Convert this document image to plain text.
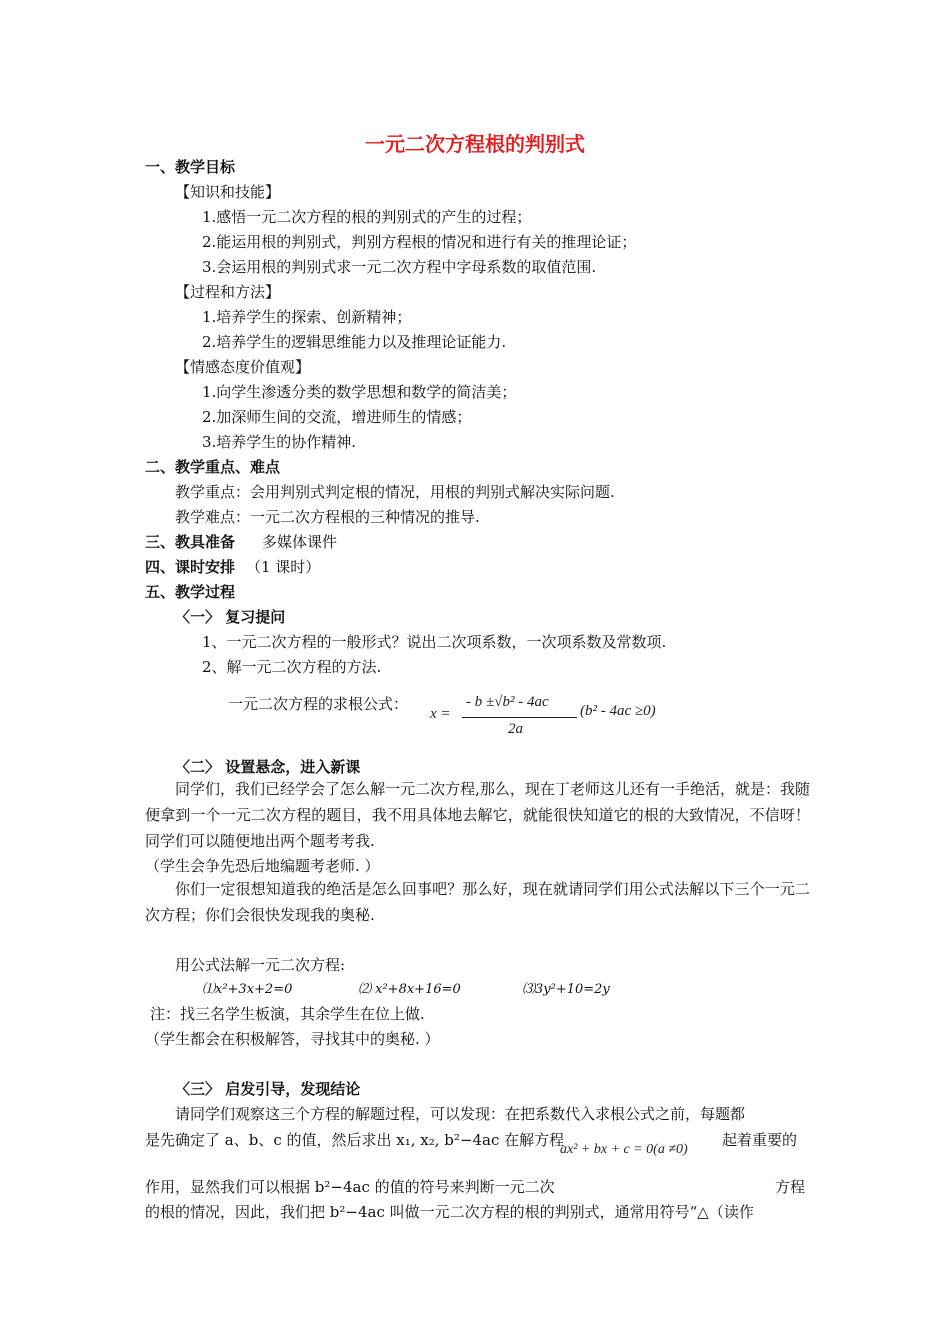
一元二次方程根的判别式
一、教学目标
【知识和技能】
1.感悟一元二次方程的根的判别式的产生的过程；
2.能运用根的判别式，判别方程根的情况和进行有关的推理论证；
3.会运用根的判别式求一元二次方程中字母系数的取值范围.
【过程和方法】
1.培养学生的探索、创新精神；
2.培养学生的逻辑思维能力以及推理论证能力.
【情感态度价值观】
1.向学生渗透分类的数学思想和数学的简洁美；
2.加深师生间的交流，增进师生的情感；
3.培养学生的协作精神.
二、教学重点、难点
教学重点：会用判别式判定根的情况，用根的判别式解决实际问题.
教学难点：一元二次方程根的三种情况的推导.
三、教具准备 多媒体课件
四、课时安排 （1 课时）
五、教学过程
〈一〉 复习提问
1、一元二次方程的一般形式？说出二次项系数，一次项系数及常数项.
2、解一元二次方程的方法.
一元二次方程的求根公式：
x =
- b ±√b² - 4ac
2a
(b² - 4ac ≥0)
〈二〉 设置悬念，进入新课
同学们，我们已经学会了怎么解一元二次方程,那么，现在丁老师这儿还有一手绝活，就是：我随便拿到一个一元二次方程的题目，我不用具体地去解它，就能很快知道它的根的大致情况，不信呀！同学们可以随便地出两个题考考我.
（学生会争先恐后地编题考老师. ）
你们一定很想知道我的绝活是怎么回事吧？那么好，现在就请同学们用公式法解以下三个一元二次方程；你们会很快发现我的奥秘.
用公式法解一元二次方程:
⑴x²+3x+2=0	⑵ x²+8x+16=0	⑶3y²+10=2y
注：找三名学生板演，其余学生在位上做.
（学生都会在积极解答，寻找其中的奥秘. ）
〈三〉 启发引导，发现结论
请同学们观察这三个方程的解题过程，可以发现：在把系数代入求根公式之前，每题都
是先确定了 a、b、c 的值，然后求出 x₁, x₂, b²−4ac 在解方程
ax² + bx + c = 0(a ≠0)
起着重要的
作用，显然我们可以根据 b²−4ac 的值的符号来判断一元二次	方程
的根的情况，因此，我们把 b²−4ac 叫做一元二次方程的根的判别式，通常用符号“△（读作
